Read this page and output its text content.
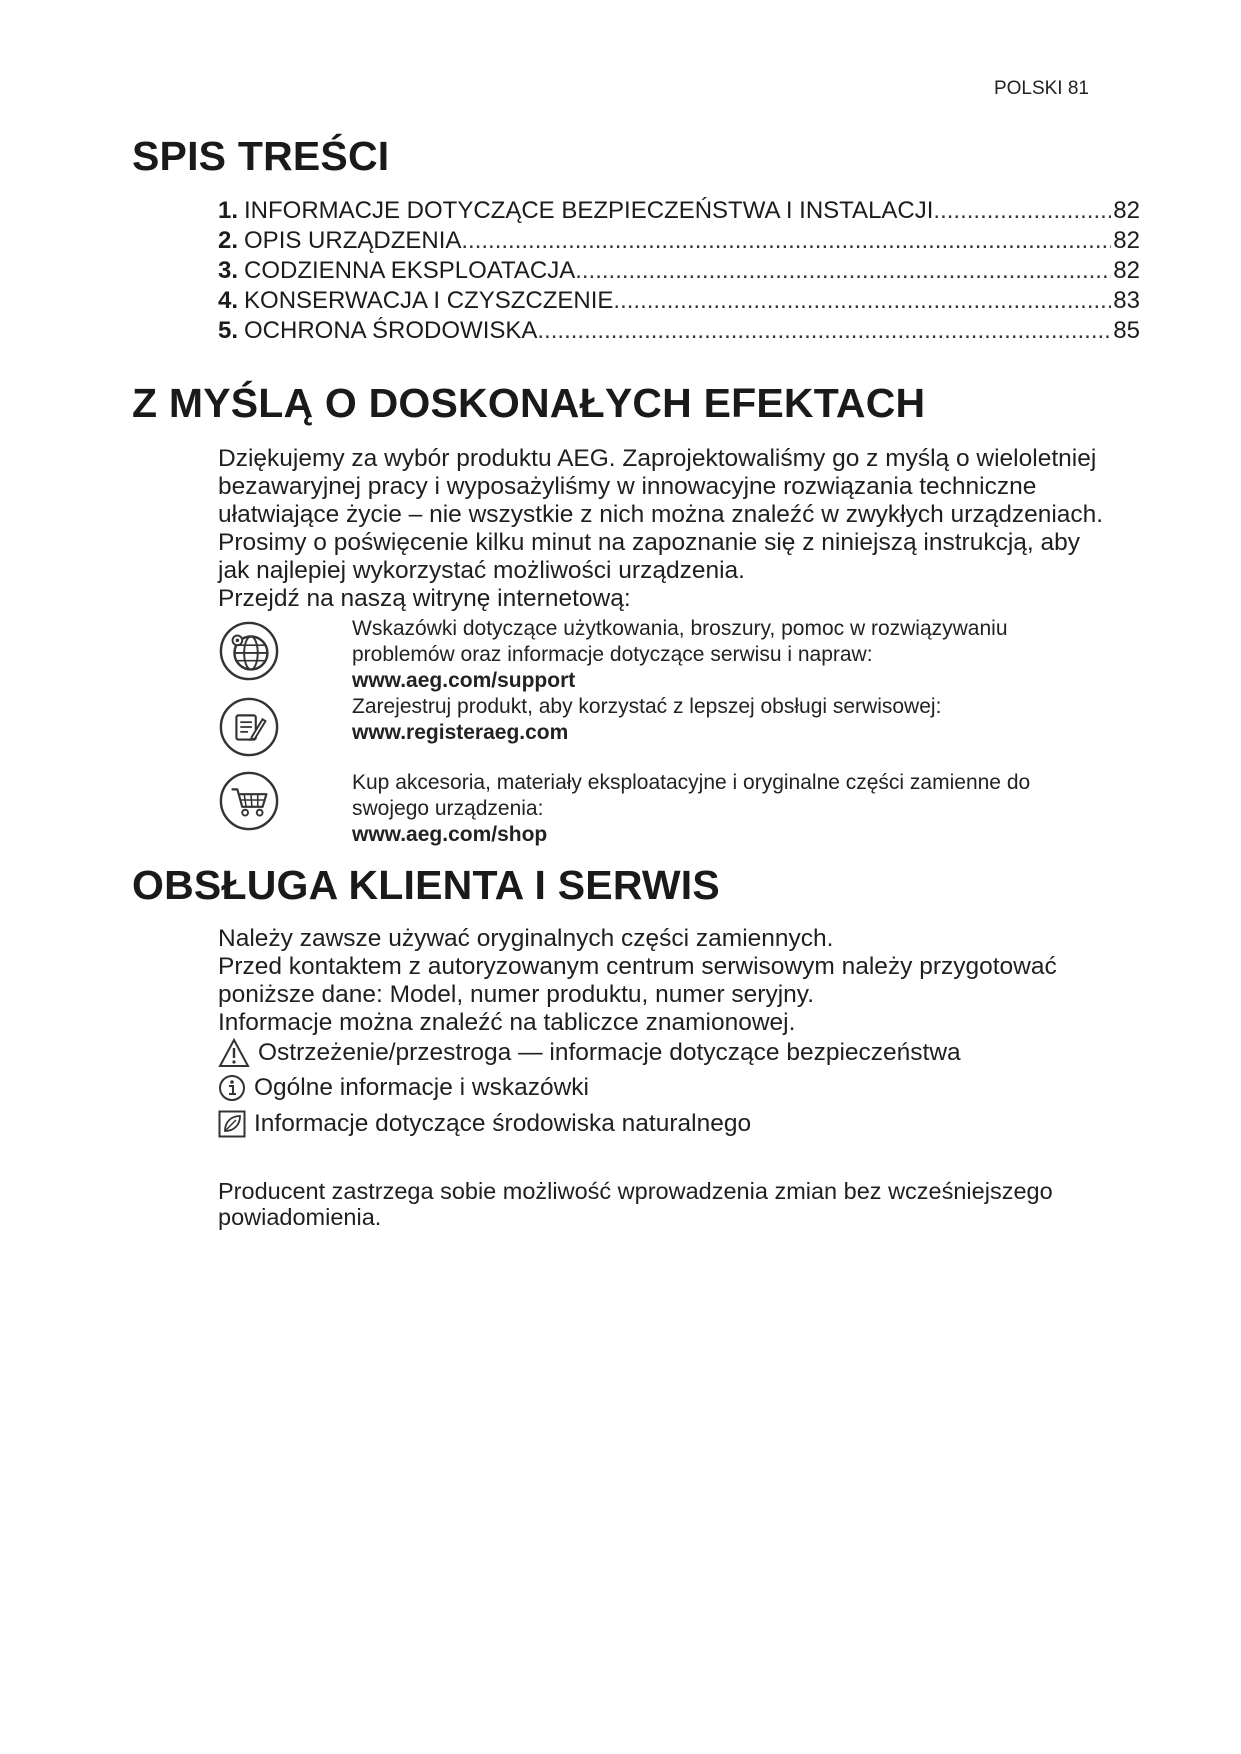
POLSKI 81
SPIS TREŚCI
1. INFORMACJE DOTYCZĄCE BEZPIECZEŃSTWA I INSTALACJI .....	82
2. OPIS URZĄDZENIA .....	82
3. CODZIENNA EKSPLOATACJA .....	82
4. KONSERWACJA I CZYSZCZENIE .....	83
5. OCHRONA ŚRODOWISKA .....	85
Z MYŚLĄ O DOSKONAŁYCH EFEKTACH
Dziękujemy za wybór produktu AEG. Zaprojektowaliśmy go z myślą o wieloletniej
bezawaryjnej pracy i wyposażyliśmy w innowacyjne rozwiązania techniczne
ułatwiające życie – nie wszystkie z nich można znaleźć w zwykłych urządzeniach.
Prosimy o poświęcenie kilku minut na zapoznanie się z niniejszą instrukcją, aby
jak najlepiej wykorzystać możliwości urządzenia.
Przejdź na naszą witrynę internetową:
Wskazówki dotyczące użytkowania, broszury, pomoc w rozwiązywaniu
problemów oraz informacje dotyczące serwisu i napraw:
www.aeg.com/support
Zarejestruj produkt, aby korzystać z lepszej obsługi serwisowej:
www.registeraeg.com
Kup akcesoria, materiały eksploatacyjne i oryginalne części zamienne do
swojego urządzenia:
www.aeg.com/shop
OBSŁUGA KLIENTA I SERWIS
Należy zawsze używać oryginalnych części zamiennych.
Przed kontaktem z autoryzowanym centrum serwisowym należy przygotować
poniższe dane: Model, numer produktu, numer seryjny.
Informacje można znaleźć na tabliczce znamionowej.
Ostrzeżenie/przestroga — informacje dotyczące bezpieczeństwa
Ogólne informacje i wskazówki
Informacje dotyczące środowiska naturalnego
Producent zastrzega sobie możliwość wprowadzenia zmian bez wcześniejszego
powiadomienia.
